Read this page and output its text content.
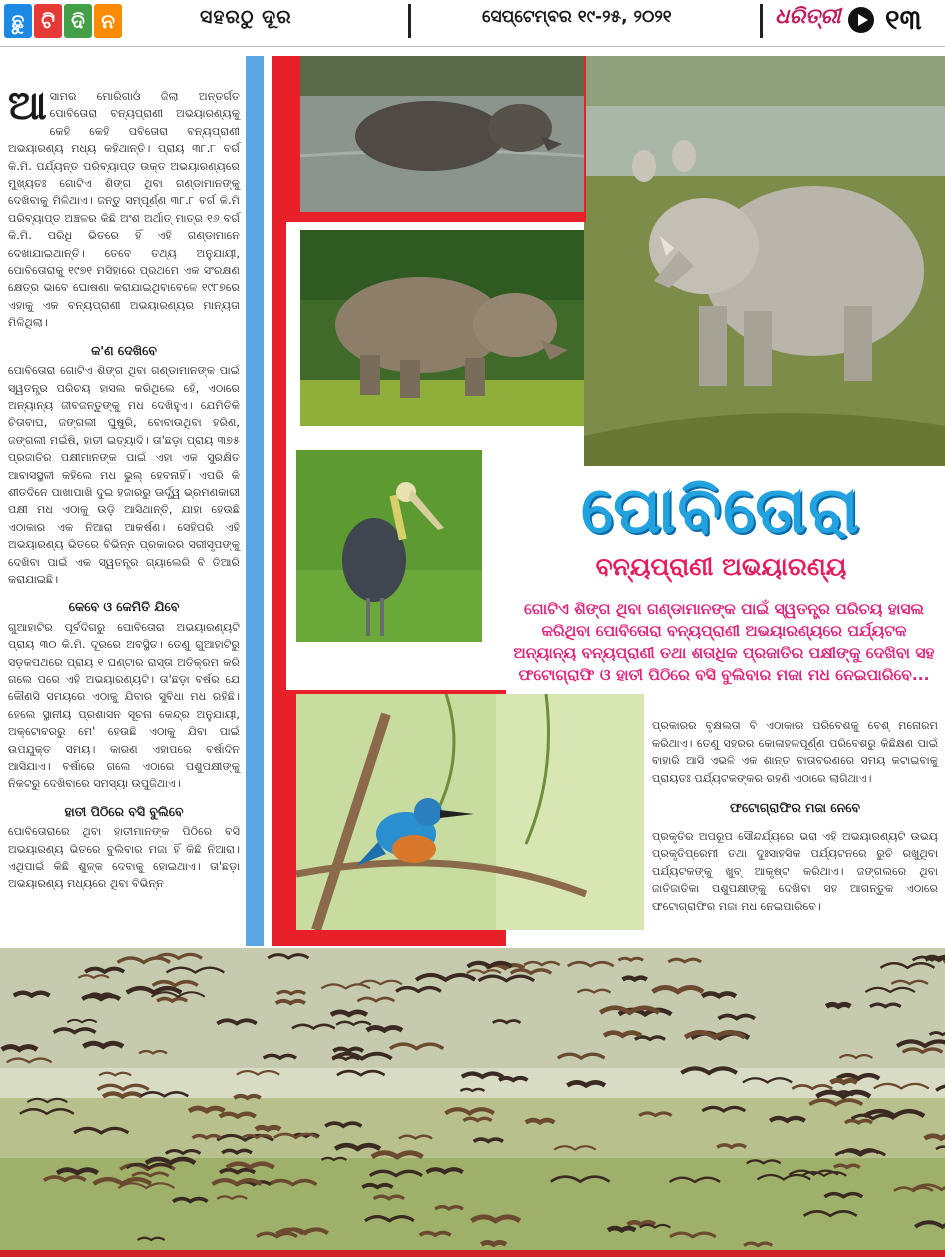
ଛୁ ଟି ଦି ନ	ସହରଠୁ ଦୂର	ସେପ୍ଟେମ୍ବର ୧୯-୨୫, ୨୦୨୧	ଧରିତ୍ରୀ ୧୩

ଆସାମର ମୋରିଗାଓଁ ଜିଲା ଅନ୍ତର୍ଗତ ପୋବିତୋରା ବନ୍ୟପ୍ରାଣୀ ଅଭୟାରଣ୍ୟକୁ କେହି କେହି ପବିତୋରା ବନ୍ୟପ୍ରାଣୀ ଅଭୟାରଣ୍ୟ ମଧ୍ୟ କହିଥାନ୍ତି। ପ୍ରାୟ ୩୮.୮ ବର୍ଗ କି.ମି. ପର୍ଯ୍ୟନ୍ତ ପରିବ୍ୟାପ୍ତ ଉକ୍ତ ଅଭୟାରଣ୍ୟରେ ମୁଖ୍ୟତଃ ଗୋଟିଏ ଶିଙ୍ଗ ଥିବା ଗଣ୍ଡାମାନଙ୍କୁ ଦେଖିବାକୁ ମିଳିଥାଏ। ଜନ୍ତୁ ସମ୍ପୂର୍ଣ୍ଣ ୩୮.୮ ବର୍ଗ କି.ମି ପରିବ୍ୟାପ୍ତ ଅଞ୍ଚଳର କିଛି ଅଂଶ ଅର୍ଥାତ୍ ମାତ୍ର ୧୬ ବର୍ଗ କି.ମି. ପରିଧି ଭିତରେ ହିଁ ଏହି ଗଣ୍ଡାମାନେ ଦେଖାଯାଇଥାନ୍ତି। ତେବେ ତଥ୍ୟ ଅନୁଯାୟୀ, ପୋବିତୋରାକୁ ୧୯୭୧ ମସିହାରେ ପ୍ରଥମେ ଏକ ସଂରକ୍ଷଣ କ୍ଷେତ୍ର ଭାବେ ଘୋଷଣା କରାଯାଇଥିବାବେଳେ ୧୯୮୭ରେ ଏହାକୁ ଏକ ବନ୍ୟପ୍ରାଣୀ ଅଭୟାରଣ୍ୟର ମାନ୍ୟତା ମିଳିଥିଲା।

କ'ଣ ଦେଖିବେ

ପୋବିତୋରା ଗୋଟିଏ ଶିଙ୍ଗ ଥିବା ଗଣ୍ଡାମାନଙ୍କ ପାଇଁ ସ୍ୱତନ୍ତ୍ର ପରିଚୟ ହାସଲ କରିଥିଲେ ହେଁ, ଏଠାରେ ଅନ୍ୟାନ୍ୟ ଜୀବଜନ୍ତୁଙ୍କୁ ମଧ ଦେଖିହୁଏ। ଯେମିତିକି ଚିତାବାଘ, ଜଙ୍ଗଲୀ ଘୁଷୁରି, ବୋବାଉଥିବା ହରିଣ, ଜଙ୍ଗଲୀ ମଇଁଷି, ହାତୀ ଇତ୍ୟାଦି। ତା'ଛଡ଼ା ପ୍ରାୟ ୩୭୫ ପ୍ରଜାତିର ପକ୍ଷୀମାନଙ୍କ ପାଇଁ ଏହା ଏକ ସୁରକ୍ଷିତ ଆବାସସ୍ଥଳୀ କହିଲେ ମଧ ଭୁଲ୍ ହେବନାହିଁ। ଏପରି କି ଶୀତଦିନେ ପାଖାପାଖି ଦୁଇ ହଜାରରୁ ଊର୍ଦ୍ଧ୍ୱ ଭ୍ରମଣକାରୀ ପକ୍ଷୀ ମଧ ଏଠାକୁ ଉଡ଼ି ଆସିଥାନ୍ତି, ଯାହା ହେଉଛି ଏଠାକାର ଏକ ନିଆରା ଆକର୍ଷଣ। ସେହିପରି ଏହି ଅଭୟାରଣ୍ୟ ଭିତରେ ବିଭିନ୍ନ ପ୍ରକାରର ସରୀସୃପଙ୍କୁ ଦେଖିବା ପାଇଁ ଏକ ସ୍ୱତନ୍ତ୍ର ଗ୍ୟାଲେରି ବି ତିଆରି କରାଯାଇଛି।

କେବେ ଓ କେମିତି ଯିବେ

ଗୁଆହାଟିର ପୂର୍ବଦିଗରୁ ପୋବିତୋରା ଅଭୟାରଣ୍ୟଟି ପ୍ରାୟ ୩୦ କି.ମି. ଦୂରରେ ଅବସ୍ଥିତ। ତେଣୁ ଗୁଆହାଟିରୁ ସଡ଼କପଥରେ ପ୍ରାୟ ୧ ଘଣ୍ଟାର ରାସ୍ତା ଅତିକ୍ରମ କରି ଗଲେ ପରେ ଏହି ଅଭୟାରଣ୍ୟଟି। ତା'ଛଡ଼ା ବର୍ଷର ଯେ କୌଣସି ସମୟରେ ଏଠାକୁ ଯିବାର ସୁବିଧା ମଧ ରହିଛି। ହେଲେ ସ୍ଥାନୀୟ ପ୍ରଶାସନ ସୂଚନା କେନ୍ଦ୍ର ଅନୁଯାୟୀ, ଅକ୍ଟୋବରରୁ ମେ' ହେଉଛି ଏଠାକୁ ଯିବା ପାଇଁ ଉପଯୁକ୍ତ ସମୟ। କାରଣ ଏହାପରେ ବର୍ଷାଦିନ ଆସିଯାଏ। ବର୍ଷାରେ ଗଲେ ଏଠାରେ ପଶୁପକ୍ଷୀଙ୍କୁ ନିକଟରୁ ଦେଖିବାରେ ସମସ୍ୟା ଉପୁଜିଥାଏ।

ହାତୀ ପିଠିରେ ବସି ବୁଲିବେ

ପୋବିତୋରାରେ ଥିବା ହାତୀମାନଙ୍କ ପିଠିରେ ବସି ଅଭୟାରଣ୍ୟ ଭିତରେ ବୁଲିବାର ମଜା ହିଁ କିଛି ନିଆରା। ଏଥିପାଇଁ କିଛି ଶୁଳ୍କ ଦେବାକୁ ହୋଇଥାଏ। ତା'ଛଡ଼ା ଅଭୟାରଣ୍ୟ ମଧ୍ୟରେ ଥିବା ବିଭିନ୍ନ

ପୋବିତୋରା
ବନ୍ୟପ୍ରାଣୀ ଅଭୟାରଣ୍ୟ
ଗୋଟିଏ ଶିଙ୍ଗ ଥିବା ଗଣ୍ଡାମାନଙ୍କ ପାଇଁ ସ୍ୱତନ୍ତ୍ର ପରିଚୟ ହାସଲ କରିଥିବା ପୋବିତୋରା ବନ୍ୟପ୍ରାଣୀ ଅଭୟାରଣ୍ୟରେ ପର୍ଯ୍ୟଟକ ଅନ୍ୟାନ୍ୟ ବନ୍ୟପ୍ରାଣୀ ତଥା ଶତାଧିକ ପ୍ରଜାତିର ପକ୍ଷୀଙ୍କୁ ଦେଖିବା ସହ ଫଟୋଗ୍ରାଫି ଓ ହାତୀ ପିଠିରେ ବସି ବୁଲିବାର ମଜା ମଧ ନେଇପାରିବେ...

ପ୍ରକାରର ବୃକ୍ଷଲତା ବି ଏଠାକାର ପରିବେଶକୁ ବେଶ୍ ମନୋରମ କରିଥାଏ। ତେଣୁ ସହରର କୋଳାହଳପୂର୍ଣ୍ଣ ପରିବେଶରୁ କିଛିକ୍ଷଣ ପାଇଁ ବାହାରି ଆସି ଏଭଳି ଏକ ଶାନ୍ତ ବାତାବରଣରେ ସମୟ କଟାଇବାକୁ ପ୍ରାୟତଃ ପର୍ଯ୍ୟଟକଙ୍କର ରହଣି ଏଠାରେ ଲାଗିଥାଏ।

ଫଟୋଗ୍ରାଫିର ମଜା ନେବେ

ପ୍ରକୃତିର ଅପରୂପ ସୌନ୍ଦର୍ଯ୍ୟରେ ଭରା ଏହି ଅଭୟାରଣ୍ୟଟି ଉଭୟ ପ୍ରକୃତିପ୍ରେମୀ ତଥା ଦୁଃସାହସିକ ପର୍ଯ୍ୟଟନରେ ରୁଚି ରଖୁଥିବା ପର୍ଯ୍ୟଟକଙ୍କୁ ଖୁବ୍ ଆକୃଷ୍ଟ କରିଥାଏ। ଜଙ୍ଗଲରେ ଥିବା ଜାତିଜାତିକା ପଶୁପକ୍ଷୀଙ୍କୁ ଦେଖିବା ସହ ଆଗନ୍ତୁକ ଏଠାରେ ଫଟୋଗ୍ରାଫିର ମଜା ମଧ ନେଇପାରିବେ।
